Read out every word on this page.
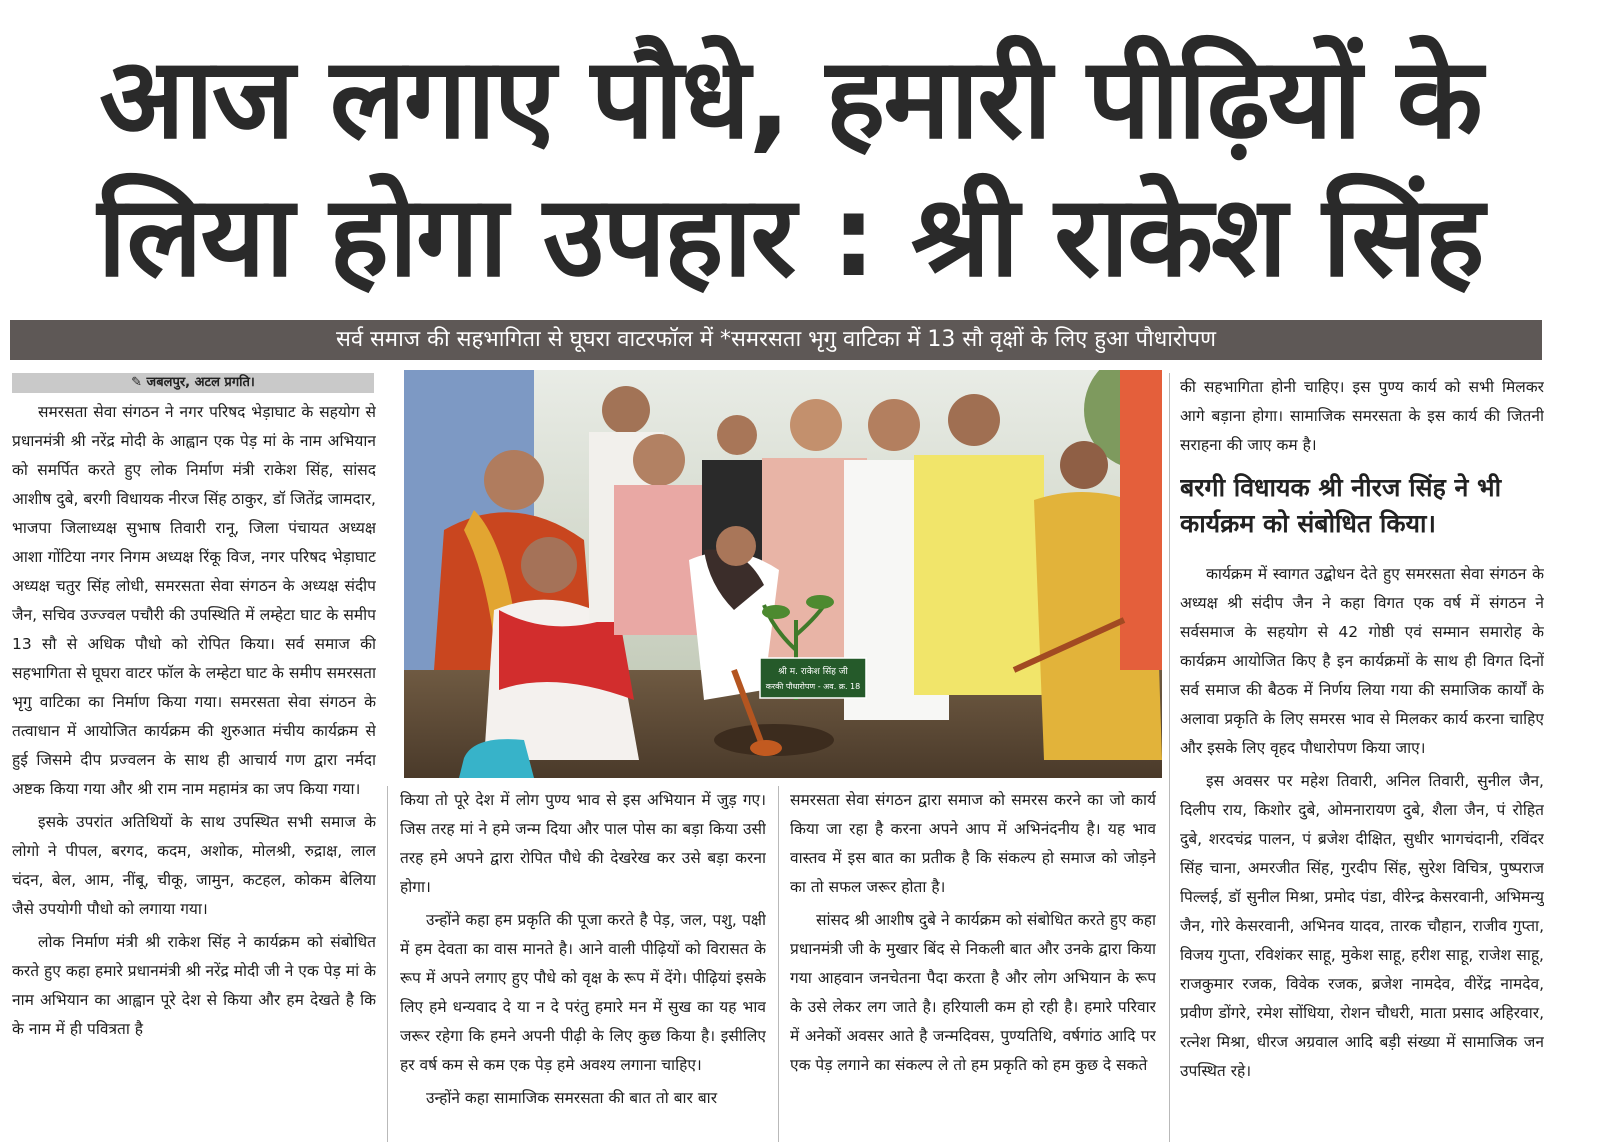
आज लगाए पौधे, हमारी पीढ़ियों के
लिया होगा उपहार : श्री राकेश सिंह
सर्व समाज की सहभागिता से घूघरा वाटरफॉल में *समरसता भृगु वाटिका में 13 सौ वृक्षों के लिए हुआ पौधारोपण
✎ जबलपुर, अटल प्रगति।

समरसता सेवा संगठन ने नगर परिषद भेड़ाघाट के सहयोग से प्रधानमंत्री श्री नरेंद्र मोदी के आह्वान एक पेड़ मां के नाम अभियान को समर्पित करते हुए लोक निर्माण मंत्री राकेश सिंह, सांसद आशीष दुबे, बरगी विधायक नीरज सिंह ठाकुर, डॉ जितेंद्र जामदार, भाजपा जिलाध्यक्ष सुभाष तिवारी रानू, जिला पंचायत अध्यक्ष आशा गोंटिया नगर निगम अध्यक्ष रिंकू विज, नगर परिषद भेड़ाघाट अध्यक्ष चतुर सिंह लोधी, समरसता सेवा संगठन के अध्यक्ष संदीप जैन, सचिव उज्ज्वल पचौरी की उपस्थिति में लम्हेटा घाट के समीप 13 सौ से अधिक पौधो को रोपित किया। सर्व समाज की सहभागिता से घूघरा वाटर फॉल के लम्हेटा घाट के समीप समरसता भृगु वाटिका का निर्माण किया गया। समरसता सेवा संगठन के तत्वाधान में आयोजित कार्यक्रम की शुरुआत मंचीय कार्यक्रम से हुई जिसमे दीप प्रज्वलन के साथ ही आचार्य गण द्वारा नर्मदा अष्टक किया गया और श्री राम नाम महामंत्र का जप किया गया।

इसके उपरांत अतिथियों के साथ उपस्थित सभी समाज के लोगो ने पीपल, बरगद, कदम, अशोक, मोलश्री, रुद्राक्ष, लाल चंदन, बेल, आम, नींबू, चीकू, जामुन, कटहल, कोकम बेलिया जैसे उपयोगी पौधो को लगाया गया।

लोक निर्माण मंत्री श्री राकेश सिंह ने कार्यक्रम को संबोधित करते हुए कहा हमारे प्रधानमंत्री श्री नरेंद्र मोदी जी ने एक पेड़ मां के नाम अभियान का आह्वान पूरे देश से किया और हम देखते है कि के नाम में ही पवित्रता है

श्री म. राकेश सिंह जी
करकी पौधारोपण - अव. क्र. 18

किया तो पूरे देश में लोग पुण्य भाव से इस अभियान में जुड़ गए। जिस तरह मां ने हमे जन्म दिया और पाल पोस का बड़ा किया उसी तरह हमे अपने द्वारा रोपित पौधे की देखरेख कर उसे बड़ा करना होगा।

उन्होंने कहा हम प्रकृति की पूजा करते है पेड़, जल, पशु, पक्षी में हम देवता का वास मानते है। आने वाली पीढ़ियों को विरासत के रूप में अपने लगाए हुए पौधे को वृक्ष के रूप में देंगे। पीढ़ियां इसके लिए हमे धन्यवाद दे या न दे परंतु हमारे मन में सुख का यह भाव जरूर रहेगा कि हमने अपनी पीढ़ी के लिए कुछ किया है। इसीलिए हर वर्ष कम से कम एक पेड़ हमे अवश्य लगाना चाहिए।

उन्होंने कहा सामाजिक समरसता की बात तो बार बार

समरसता सेवा संगठन द्वारा समाज को समरस करने का जो कार्य किया जा रहा है करना अपने आप में अभिनंदनीय है। यह भाव वास्तव में इस बात का प्रतीक है कि संकल्प हो समाज को जोड़ने का तो सफल जरूर होता है।

सांसद श्री आशीष दुबे ने कार्यक्रम को संबोधित करते हुए कहा प्रधानमंत्री जी के मुखार बिंद से निकली बात और उनके द्वारा किया गया आहवान जनचेतना पैदा करता है और लोग अभियान के रूप के उसे लेकर लग जाते है। हरियाली कम हो रही है। हमारे परिवार में अनेकों अवसर आते है जन्मदिवस, पुण्यतिथि, वर्षगांठ आदि पर एक पेड़ लगाने का संकल्प ले तो हम प्रकृति को हम कुछ दे सकते

की सहभागिता होनी चाहिए। इस पुण्य कार्य को सभी मिलकर आगे बड़ाना होगा। सामाजिक समरसता के इस कार्य की जितनी सराहना की जाए कम है।

बरगी विधायक श्री नीरज सिंह ने भी कार्यक्रम को संबोधित किया।

कार्यक्रम में स्वागत उद्बोधन देते हुए समरसता सेवा संगठन के अध्यक्ष श्री संदीप जैन ने कहा विगत एक वर्ष में संगठन ने सर्वसमाज के सहयोग से 42 गोष्ठी एवं सम्मान समारोह के कार्यक्रम आयोजित किए है इन कार्यक्रमों के साथ ही विगत दिनों सर्व समाज की बैठक में निर्णय लिया गया की समाजिक कार्यों के अलावा प्रकृति के लिए समरस भाव से मिलकर कार्य करना चाहिए और इसके लिए वृहद पौधारोपण किया जाए।

इस अवसर पर महेश तिवारी, अनिल तिवारी, सुनील जैन, दिलीप राय, किशोर दुबे, ओमनारायण दुबे, शैला जैन, पं रोहित दुबे, शरदचंद्र पालन, पं ब्रजेश दीक्षित, सुधीर भागचंदानी, रविंदर सिंह चाना, अमरजीत सिंह, गुरदीप सिंह, सुरेश विचित्र, पुष्पराज पिल्लई, डॉ सुनील मिश्रा, प्रमोद पंडा, वीरेन्द्र केसरवानी, अभिमन्यु जैन, गोरे केसरवानी, अभिनव यादव, तारक चौहान, राजीव गुप्ता, विजय गुप्ता, रविशंकर साहू, मुकेश साहू, हरीश साहू, राजेश साहू, राजकुमार रजक, विवेक रजक, ब्रजेश नामदेव, वीरेंद्र नामदेव, प्रवीण डोंगरे, रमेश सोंधिया, रोशन चौधरी, माता प्रसाद अहिरवार, रत्नेश मिश्रा, धीरज अग्रवाल आदि बड़ी संख्या में सामाजिक जन उपस्थित रहे।
